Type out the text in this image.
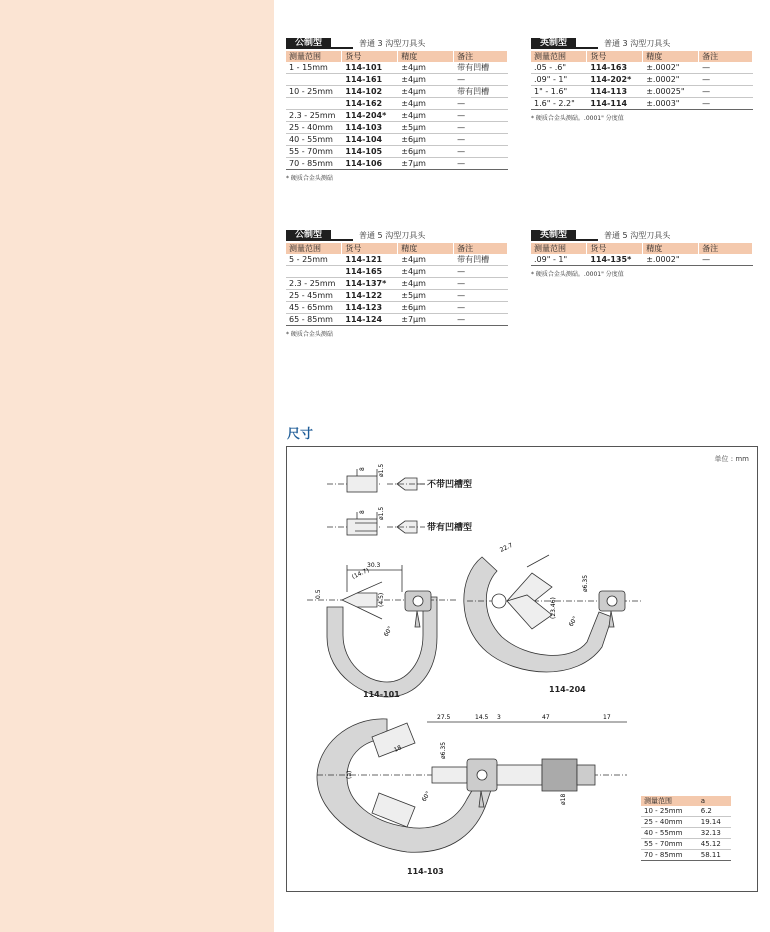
公制型	普通 3 沟型刀具头
测量范围	货号	精度	备注
1 - 15mm	114-101	±4μm	带有凹槽
	114-161	±4μm	—
10 - 25mm	114-102	±4μm	带有凹槽
	114-162	±4μm	—
2.3 - 25mm	114-204*	±4μm	—
25 - 40mm	114-103	±5μm	—
40 - 55mm	114-104	±6μm	—
55 - 70mm	114-105	±6μm	—
70 - 85mm	114-106	±7μm	—
* 硬质合金头测砧
英制型	普通 3 沟型刀具头
测量范围	货号	精度	备注
.05 - .6"	114-163	±.0002"	—
.09" - 1"	114-202*	±.0002"	—
1" - 1.6"	114-113	±.00025"	—
1.6" - 2.2"	114-114	±.0003"	—
* 硬质合金头测砧。.0001" 分度值
公制型	普通 5 沟型刀具头
测量范围	货号	精度	备注
5 - 25mm	114-121	±4μm	带有凹槽
	114-165	±4μm	—
2.3 - 25mm	114-137*	±4μm	—
25 - 45mm	114-122	±5μm	—
45 - 65mm	114-123	±6μm	—
65 - 85mm	114-124	±7μm	—
* 硬质合金头测砧
英制型	普通 5 沟型刀具头
测量范围	货号	精度	备注
.09" - 1"	114-135*	±.0002"	—
* 硬质合金头测砧。.0001" 分度值
尺寸
单位 : mm
8 ø1.5
8 ø1.5
不带凹槽型
带有凹槽型
30.3
(14.7)
(4.5)
0.5
60°
114-101
22.7
ø6.35
(23.46)
60°
114-204
27.5	14.5 3	47	17
18	ø6.35
(a)
60°	ø18
114-103
测量范围	a
10 - 25mm	6.2
25 - 40mm	19.14
40 - 55mm	32.13
55 - 70mm	45.12
70 - 85mm	58.11
